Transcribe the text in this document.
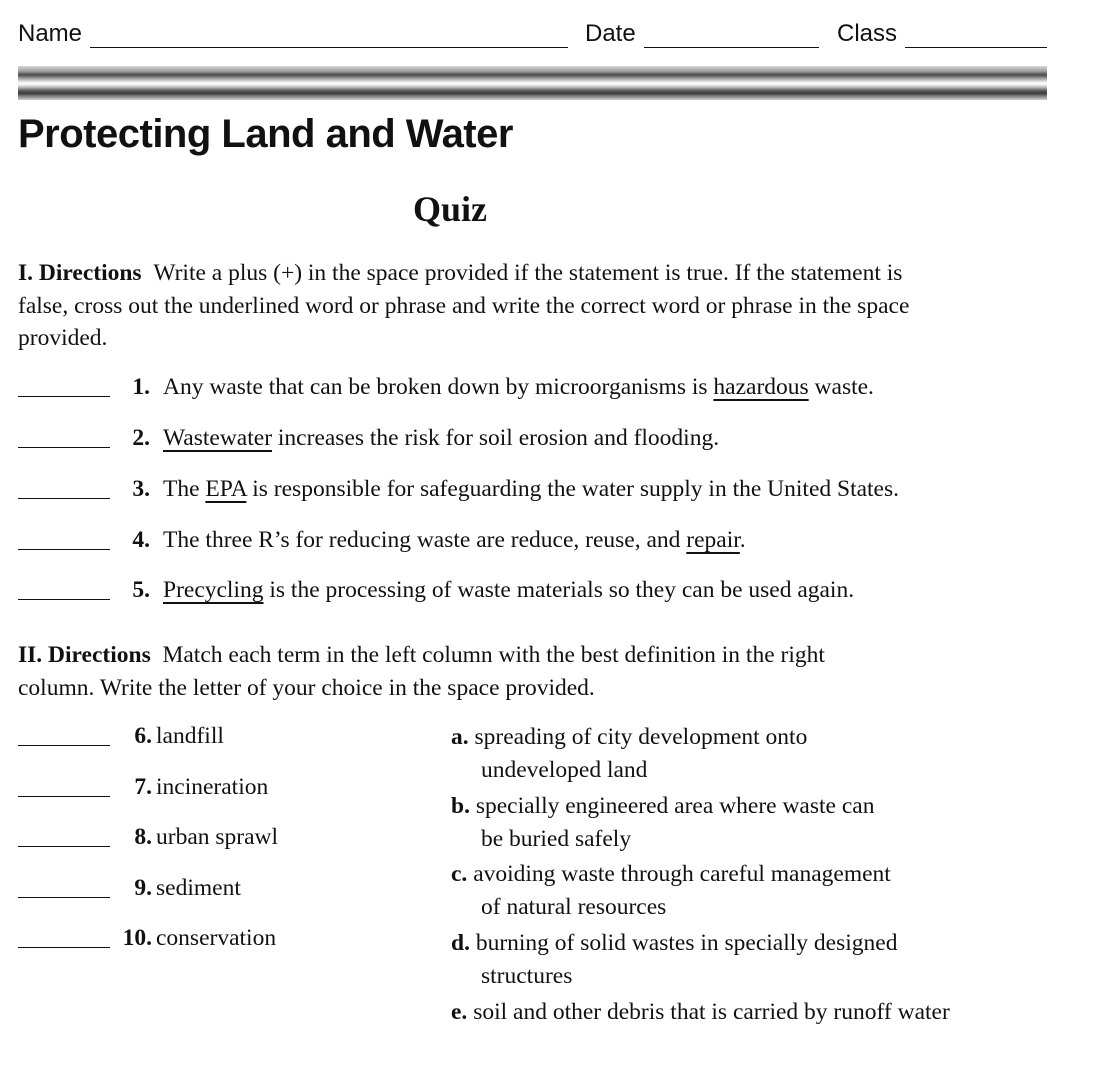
Name	Date	Class
Protecting Land and Water
Quiz
I. Directions Write a plus (+) in the space provided if the statement is true. If the statement is false, cross out the underlined word or phrase and write the correct word or phrase in the space provided.
1. Any waste that can be broken down by microorganisms is hazardous waste.
2. Wastewater increases the risk for soil erosion and flooding.
3. The EPA is responsible for safeguarding the water supply in the United States.
4. The three R’s for reducing waste are reduce, reuse, and repair.
5. Precycling is the processing of waste materials so they can be used again.
II. Directions Match each term in the left column with the best definition in the right column. Write the letter of your choice in the space provided.
6. landfill
7. incineration
8. urban sprawl
9. sediment
10. conservation
a. spreading of city development onto
undeveloped land
b. specially engineered area where waste can
be buried safely
c. avoiding waste through careful management
of natural resources
d. burning of solid wastes in specially designed
structures
e. soil and other debris that is carried by runoff water
